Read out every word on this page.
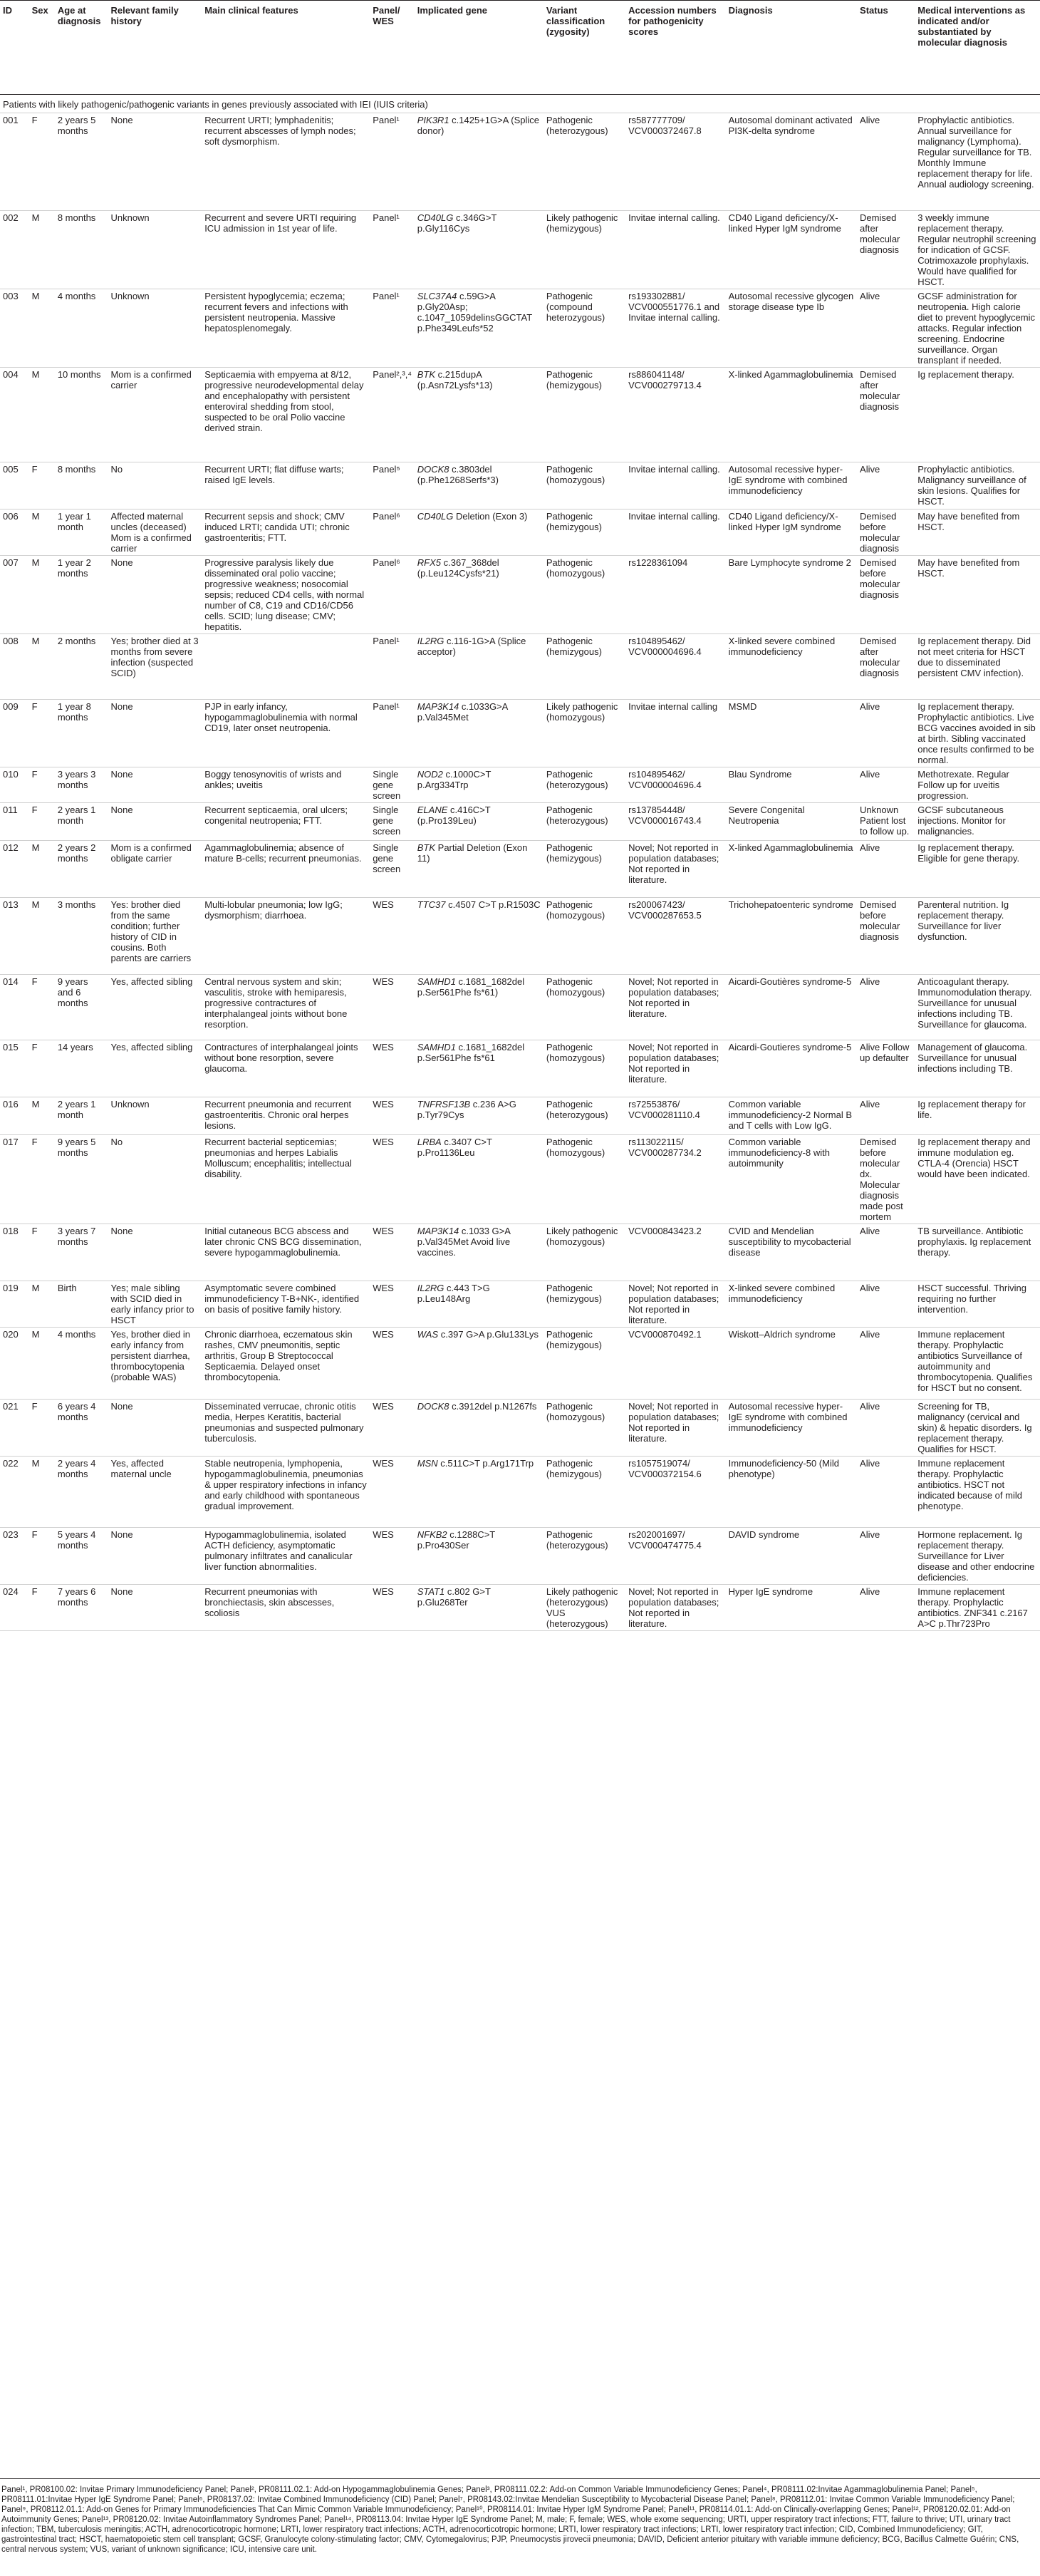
ID	Sex	Age at diagnosis	Relevant family history	Main clinical features	Panel/ WES	Implicated gene	Variant classification (zygosity)	Accession numbers for pathogenicity scores	Diagnosis	Status	Medical interventions as indicated and/or substantiated by molecular diagnosis
Patients with likely pathogenic/pathogenic variants in genes previously associated with IEI (IUIS criteria)											
001	F	2 years 5 months	None	Recurrent URTI; lymphadenitis; recurrent abscesses of lymph nodes; soft dysmorphism.	Panel¹	PIK3R1 c.1425+1G>A (Splice donor)	Pathogenic (heterozygous)	rs587777709/ VCV000372467.8	Autosomal dominant activated PI3K-delta syndrome	Alive	Prophylactic antibiotics. Annual surveillance for malignancy (Lymphoma). Regular surveillance for TB. Monthly Immune replacement therapy for life. Annual audiology screening.
002	M	8 months	Unknown	Recurrent and severe URTI requiring ICU admission in 1st year of life.	Panel¹	CD40LG c.346G>T p.Gly116Cys	Likely pathogenic (hemizygous)	Invitae internal calling.	CD40 Ligand deficiency/X-linked Hyper IgM syndrome	Demised after molecular diagnosis	3 weekly immune replacement therapy. Regular neutrophil screening for indication of GCSF. Cotrimoxazole prophylaxis. Would have qualified for HSCT.
003	M	4 months	Unknown	Persistent hypoglycemia; eczema; recurrent fevers and infections with persistent neutropenia. Massive hepatosplenomegaly.	Panel¹	SLC37A4 c.59G>A p.Gly20Asp; c.1047_1059delinsGGCTAT p.Phe349Leufs*52	Pathogenic (compound heterozygous)	rs193302881/ VCV000551776.1 and Invitae internal calling.	Autosomal recessive glycogen storage disease type Ib	Alive	GCSF administration for neutropenia. High calorie diet to prevent hypoglycemic attacks. Regular infection screening. Endocrine surveillance. Organ transplant if needed.
004	M	10 months	Mom is a confirmed carrier	Septicaemia with empyema at 8/12, progressive neurodevelopmental delay and encephalopathy with persistent enteroviral shedding from stool, suspected to be oral Polio vaccine derived strain.	Panel²,³,⁴	BTK c.215dupA (p.Asn72Lysfs*13)	Pathogenic (hemizygous)	rs886041148/ VCV000279713.4	X-linked Agammaglobulinemia	Demised after molecular diagnosis	Ig replacement therapy.
005	F	8 months	No	Recurrent URTI; flat diffuse warts; raised IgE levels.	Panel⁵	DOCK8 c.3803del (p.Phe1268Serfs*3)	Pathogenic (homozygous)	Invitae internal calling.	Autosomal recessive hyper-IgE syndrome with combined immunodeficiency	Alive	Prophylactic antibiotics. Malignancy surveillance of skin lesions. Qualifies for HSCT.
006	M	1 year 1 month	Affected maternal uncles (deceased) Mom is a confirmed carrier	Recurrent sepsis and shock; CMV induced LRTI; candida UTI; chronic gastroenteritis; FTT.	Panel⁶	CD40LG Deletion (Exon 3)	Pathogenic (hemizygous)	Invitae internal calling.	CD40 Ligand deficiency/X-linked Hyper IgM syndrome	Demised before molecular diagnosis	May have benefited from HSCT.
007	M	1 year 2 months	None	Progressive paralysis likely due disseminated oral polio vaccine; progressive weakness; nosocomial sepsis; reduced CD4 cells, with normal number of C8, C19 and CD16/CD56 cells. SCID; lung disease; CMV; hepatitis.	Panel⁶	RFX5 c.367_368del (p.Leu124Cysfs*21)	Pathogenic (homozygous)	rs1228361094	Bare Lymphocyte syndrome 2	Demised before molecular diagnosis	May have benefited from HSCT.
008	M	2 months	Yes; brother died at 3 months from severe infection (suspected SCID)		Panel¹	IL2RG c.116-1G>A (Splice acceptor)	Pathogenic (hemizygous)	rs104895462/ VCV000004696.4	X-linked severe combined immunodeficiency	Demised after molecular diagnosis	Ig replacement therapy. Did not meet criteria for HSCT due to disseminated persistent CMV infection).
009	F	1 year 8 months	None	PJP in early infancy, hypogammaglobulinemia with normal CD19, later onset neutropenia.	Panel¹	MAP3K14 c.1033G>A p.Val345Met	Likely pathogenic (homozygous)	Invitae internal calling	MSMD	Alive	Ig replacement therapy. Prophylactic antibiotics. Live BCG vaccines avoided in sib at birth. Sibling vaccinated once results confirmed to be normal.
010	F	3 years 3 months	None	Boggy tenosynovitis of wrists and ankles; uveitis	Single gene screen	NOD2 c.1000C>T p.Arg334Trp	Pathogenic (heterozygous)	rs104895462/ VCV000004696.4	Blau Syndrome	Alive	Methotrexate. Regular Follow up for uveitis progression.
011	F	2 years 1 month	None	Recurrent septicaemia, oral ulcers; congenital neutropenia; FTT.	Single gene screen	ELANE c.416C>T (p.Pro139Leu)	Pathogenic (heterozygous)	rs137854448/ VCV000016743.4	Severe Congenital Neutropenia	Unknown Patient lost to follow up.	GCSF subcutaneous injections. Monitor for malignancies.
012	M	2 years 2 months	Mom is a confirmed obligate carrier	Agammaglobulinemia; absence of mature B-cells; recurrent pneumonias.	Single gene screen	BTK Partial Deletion (Exon 11)	Pathogenic (hemizygous)	Novel; Not reported in population databases; Not reported in literature.	X-linked Agammaglobulinemia	Alive	Ig replacement therapy. Eligible for gene therapy.
013	M	3 months	Yes: brother died from the same condition; further history of CID in cousins. Both parents are carriers	Multi-lobular pneumonia; low IgG; dysmorphism; diarrhoea.	WES	TTC37 c.4507 C>T p.R1503C	Pathogenic (homozygous)	rs200067423/ VCV000287653.5	Trichohepatoenteric syndrome	Demised before molecular diagnosis	Parenteral nutrition. Ig replacement therapy. Surveillance for liver dysfunction.
014	F	9 years and 6 months	Yes, affected sibling	Central nervous system and skin; vasculitis, stroke with hemiparesis, progressive contractures of interphalangeal joints without bone resorption.	WES	SAMHD1 c.1681_1682del p.Ser561Phe fs*61)	Pathogenic (homozygous)	Novel; Not reported in population databases; Not reported in literature.	Aicardi-Goutières syndrome-5	Alive	Anticoagulant therapy. Immunomodulation therapy. Surveillance for unusual infections including TB. Surveillance for glaucoma.
015	F	14 years	Yes, affected sibling	Contractures of interphalangeal joints without bone resorption, severe glaucoma.	WES	SAMHD1 c.1681_1682del p.Ser561Phe fs*61	Pathogenic (homozygous)	Novel; Not reported in population databases; Not reported in literature.	Aicardi-Goutieres syndrome-5	Alive Follow up defaulter	Management of glaucoma. Surveillance for unusual infections including TB.
016	M	2 years 1 month	Unknown	Recurrent pneumonia and recurrent gastroenteritis. Chronic oral herpes lesions.	WES	TNFRSF13B c.236 A>G p.Tyr79Cys	Pathogenic (heterozygous)	rs72553876/ VCV000281110.4	Common variable immunodeficiency-2 Normal B and T cells with Low IgG.	Alive	Ig replacement therapy for life.
017	F	9 years 5 months	No	Recurrent bacterial septicemias; pneumonias and herpes Labialis Molluscum; encephalitis; intellectual disability.	WES	LRBA c.3407 C>T p.Pro1136Leu	Pathogenic (homozygous)	rs113022115/ VCV000287734.2	Common variable immunodeficiency-8 with autoimmunity	Demised before molecular dx. Molecular diagnosis made post mortem	Ig replacement therapy and immune modulation eg. CTLA-4 (Orencia) HSCT would have been indicated.
018	F	3 years 7 months	None	Initial cutaneous BCG abscess and later chronic CNS BCG dissemination, severe hypogammaglobulinemia.	WES	MAP3K14 c.1033 G>A p.Val345Met Avoid live vaccines.	Likely pathogenic (homozygous)	VCV000843423.2	CVID and Mendelian susceptibility to mycobacterial disease	Alive	TB surveillance. Antibiotic prophylaxis. Ig replacement therapy.
019	M	Birth	Yes; male sibling with SCID died in early infancy prior to HSCT	Asymptomatic severe combined immunodeficiency T-B+NK-, identified on basis of positive family history.	WES	IL2RG c.443 T>G p.Leu148Arg	Pathogenic (hemizygous)	Novel; Not reported in population databases; Not reported in literature.	X-linked severe combined immunodeficiency	Alive	HSCT successful. Thriving requiring no further intervention.
020	M	4 months	Yes, brother died in early infancy from persistent diarrhea, thrombocytopenia (probable WAS)	Chronic diarrhoea, eczematous skin rashes, CMV pneumonitis, septic arthritis, Group B Streptococcal Septicaemia. Delayed onset thrombocytopenia.	WES	WAS c.397 G>A p.Glu133Lys	Pathogenic (hemizygous)	VCV000870492.1	Wiskott–Aldrich syndrome	Alive	Immune replacement therapy. Prophylactic antibiotics Surveillance of autoimmunity and thrombocytopenia. Qualifies for HSCT but no consent.
021	F	6 years 4 months	None	Disseminated verrucae, chronic otitis media, Herpes Keratitis, bacterial pneumonias and suspected pulmonary tuberculosis.	WES	DOCK8 c.3912del p.N1267fs	Pathogenic (homozygous)	Novel; Not reported in population databases; Not reported in literature.	Autosomal recessive hyper-IgE syndrome with combined immunodeficiency	Alive	Screening for TB, malignancy (cervical and skin) & hepatic disorders. Ig replacement therapy. Qualifies for HSCT.
022	M	2 years 4 months	Yes, affected maternal uncle	Stable neutropenia, lymphopenia, hypogammaglobulinemia, pneumonias & upper respiratory infections in infancy and early childhood with spontaneous gradual improvement.	WES	MSN c.511C>T p.Arg171Trp	Pathogenic (hemizygous)	rs1057519074/ VCV000372154.6	Immunodeficiency-50 (Mild phenotype)	Alive	Immune replacement therapy. Prophylactic antibiotics. HSCT not indicated because of mild phenotype.
023	F	5 years 4 months	None	Hypogammaglobulinemia, isolated ACTH deficiency, asymptomatic pulmonary infiltrates and canalicular liver function abnormalities.	WES	NFKB2 c.1288C>T p.Pro430Ser	Pathogenic (heterozygous)	rs202001697/ VCV000474775.4	DAVID syndrome	Alive	Hormone replacement. Ig replacement therapy. Surveillance for Liver disease and other endocrine deficiencies.
024	F	7 years 6 months	None	Recurrent pneumonias with bronchiectasis, skin abscesses, scoliosis	WES	STAT1 c.802 G>T p.Glu268Ter	Likely pathogenic (heterozygous) VUS (heterozygous)	Novel; Not reported in population databases; Not reported in literature.	Hyper IgE syndrome	Alive	Immune replacement therapy. Prophylactic antibiotics. ZNF341 c.2167 A>C p.Thr723Pro

Panel¹, PR08100.02: Invitae Primary Immunodeficiency Panel; Panel², PR08111.02.1: Add-on Hypogammaglobulinemia Genes; Panel³, PR08111.02.2: Add-on Common Variable Immunodeficiency Genes; Panel⁴, PR08111.02:Invitae Agammaglobulinemia Panel; Panel⁵, PR08111.01:Invitae Hyper IgE Syndrome Panel; Panel⁶, PR08137.02: Invitae Combined Immunodeficiency (CID) Panel; Panel⁷, PR08143.02:Invitae Mendelian Susceptibility to Mycobacterial Disease Panel; Panel⁸, PR08112.01: Invitae Common Variable Immunodeficiency Panel; Panel⁹, PR08112.01.1: Add-on Genes for Primary Immunodeficiencies That Can Mimic Common Variable Immunodeficiency; Panel¹⁰, PR08114.01: Invitae Hyper IgM Syndrome Panel; Panel¹¹, PR08114.01.1: Add-on Clinically-overlapping Genes; Panel¹², PR08120.02.01: Add-on Autoimmunity Genes; Panel¹³, PR08120.02: Invitae Autoinflammatory Syndromes Panel; Panel¹⁴, PR08113.04: Invitae Hyper IgE Syndrome Panel; M, male; F, female; WES, whole exome sequencing; URTI, upper respiratory tract infections; FTT, failure to thrive; UTI, urinary tract infection; TBM, tuberculosis meningitis; ACTH, adrenocorticotropic hormone; LRTI, lower respiratory tract infections; ACTH, adrenocorticotropic hormone; LRTI, lower respiratory tract infections; LRTI, lower respiratory tract infection; CID, Combined Immunodeficiency; GIT, gastrointestinal tract; HSCT, haematopoietic stem cell transplant; GCSF, Granulocyte colony-stimulating factor; CMV, Cytomegalovirus; PJP, Pneumocystis jirovecii pneumonia; DAVID, Deficient anterior pituitary with variable immune deficiency; BCG, Bacillus Calmette Guérin; CNS, central nervous system; VUS, variant of unknown significance; ICU, intensive care unit.
